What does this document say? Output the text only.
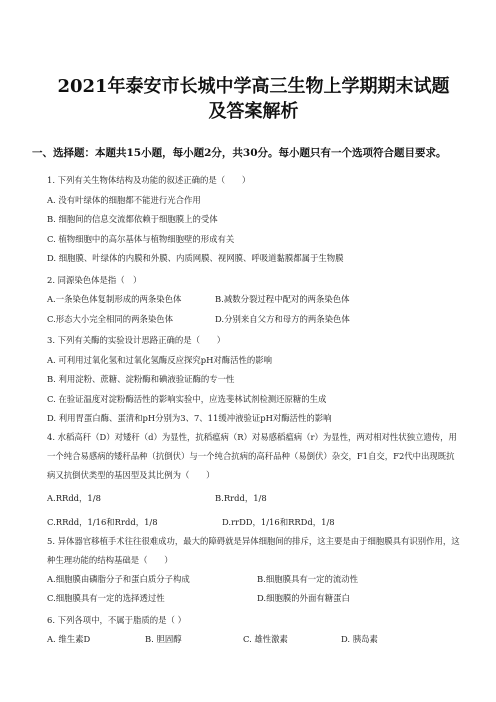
2021年泰安市长城中学高三生物上学期期末试题
及答案解析
一、选择题：本题共15小题，每小题2分，共30分。每小题只有一个选项符合题目要求。
1. 下列有关生物体结构及功能的叙述正确的是（　　）
A. 没有叶绿体的细胞都不能进行光合作用
B. 细胞间的信息交流都依赖于细胞膜上的受体
C. 植物细胞中的高尔基体与植物细胞壁的形成有关
D. 细胞膜、叶绿体的内膜和外膜、内质网膜、视网膜、呼吸道黏膜都属于生物膜
2. 同源染色体是指（　）
A.一条染色体复制形成的两条染色体	B.减数分裂过程中配对的两条染色体
C.形态大小完全相同的两条染色体	D.分别来自父方和母方的两条染色体
3. 下列有关酶的实验设计思路正确的是（　　）
A. 可利用过氧化氢和过氧化氢酶反应探究pH对酶活性的影响
B. 利用淀粉、蔗糖、淀粉酶和碘液验证酶的专一性
C. 在验证温度对淀粉酶活性的影响实验中，应选斐林试剂检测还原糖的生成
D. 利用胃蛋白酶、蛋清和pH分别为3、7、11缓冲液验证pH对酶活性的影响
4. 水稻高秆（D）对矮秆（d）为显性，抗稻瘟病（R）对易感稻瘟病（r）为显性，两对相对性状独立遗传，用一个纯合易感病的矮秆品种（抗倒伏）与一个纯合抗病的高秆品种（易倒伏）杂交，F1自交，F2代中出现既抗病又抗倒伏类型的基因型及其比例为（　　）
A.RRdd，1/8	B.Rrdd，1/8
C.RRdd，1/16和Rrdd，1/8	D.rrDD，1/16和RRDd，1/8
5. 异体器官移植手术往往很难成功，最大的障碍就是异体细胞间的排斥，这主要是由于细胞膜具有识别作用，这种生理功能的结构基础是（　　）
A.细胞膜由磷脂分子和蛋白质分子构成	B.细胞膜具有一定的流动性
C.细胞膜具有一定的选择透过性	D.细胞膜的外面有糖蛋白
6. 下列各项中，不属于脂质的是（ ）
A. 维生素D	B. 胆固醇	C. 雄性激素	D. 胰岛素
